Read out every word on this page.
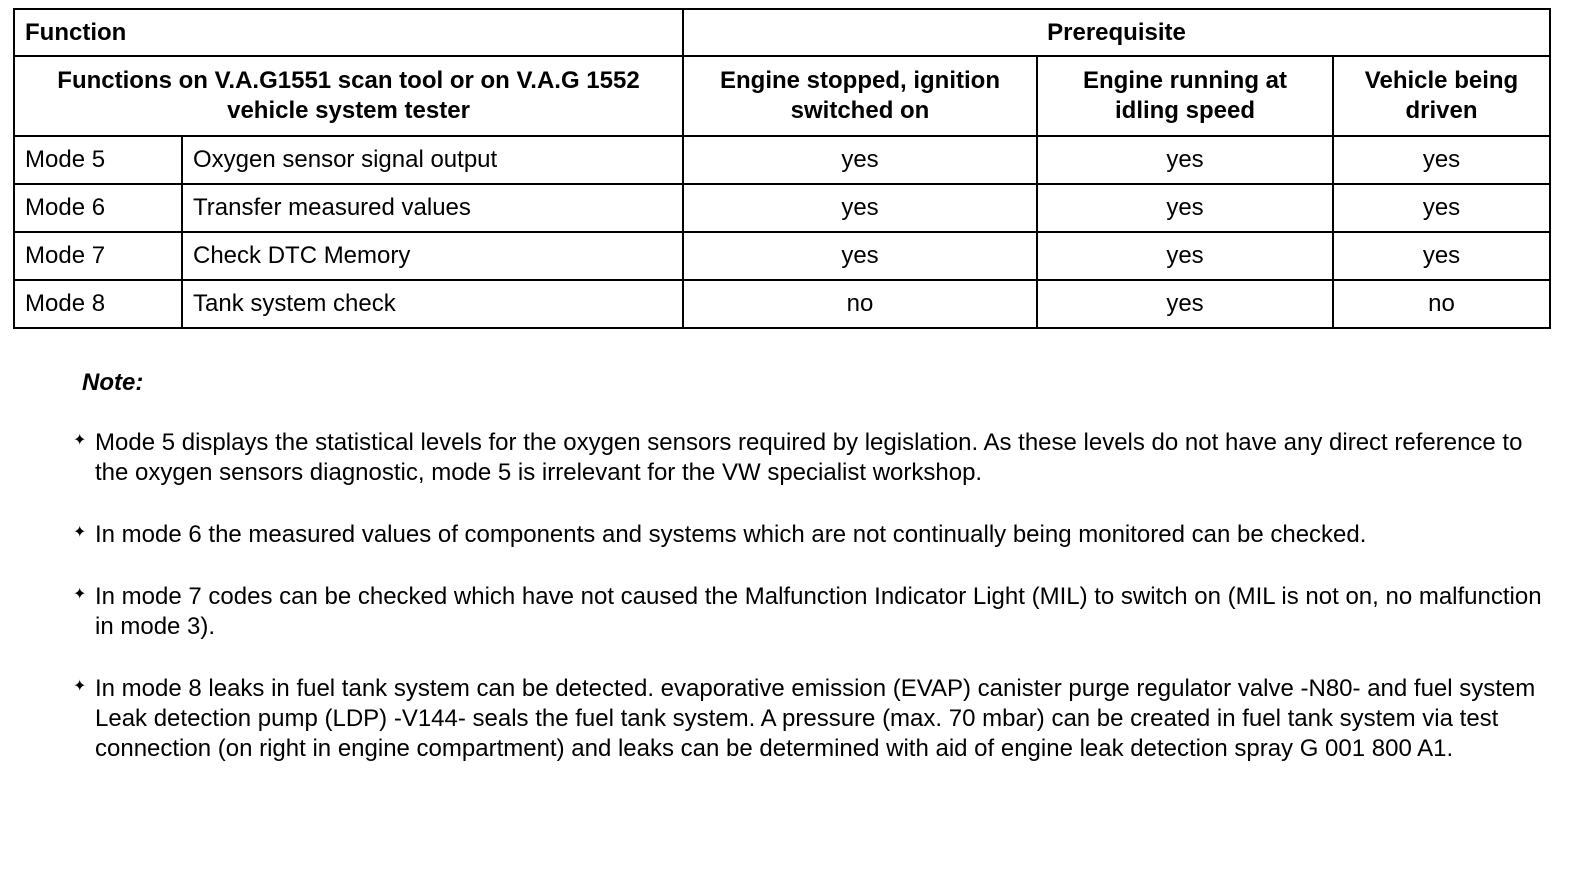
Function		Prerequisite		
Functions on V.A.G1551 scan tool or on V.A.G 1552 vehicle system tester		Engine stopped, ignition switched on	Engine running at idling speed	Vehicle being driven
Mode 5	Oxygen sensor signal output	yes	yes	yes
Mode 6	Transfer measured values	yes	yes	yes
Mode 7	Check DTC Memory	yes	yes	yes
Mode 8	Tank system check	no	yes	no

Note:

✦ Mode 5 displays the statistical levels for the oxygen sensors required by legislation. As these levels do not have any direct reference to the oxygen sensors diagnostic, mode 5 is irrelevant for the VW specialist workshop.
✦ In mode 6 the measured values of components and systems which are not continually being monitored can be checked.
✦ In mode 7 codes can be checked which have not caused the Malfunction Indicator Light (MIL) to switch on (MIL is not on, no malfunction in mode 3).
✦ In mode 8 leaks in fuel tank system can be detected. evaporative emission (EVAP) canister purge regulator valve -N80- and fuel system Leak detection pump (LDP) -V144- seals the fuel tank system. A pressure (max. 70 mbar) can be created in fuel tank system via test connection (on right in engine compartment) and leaks can be determined with aid of engine leak detection spray G 001 800 A1.
